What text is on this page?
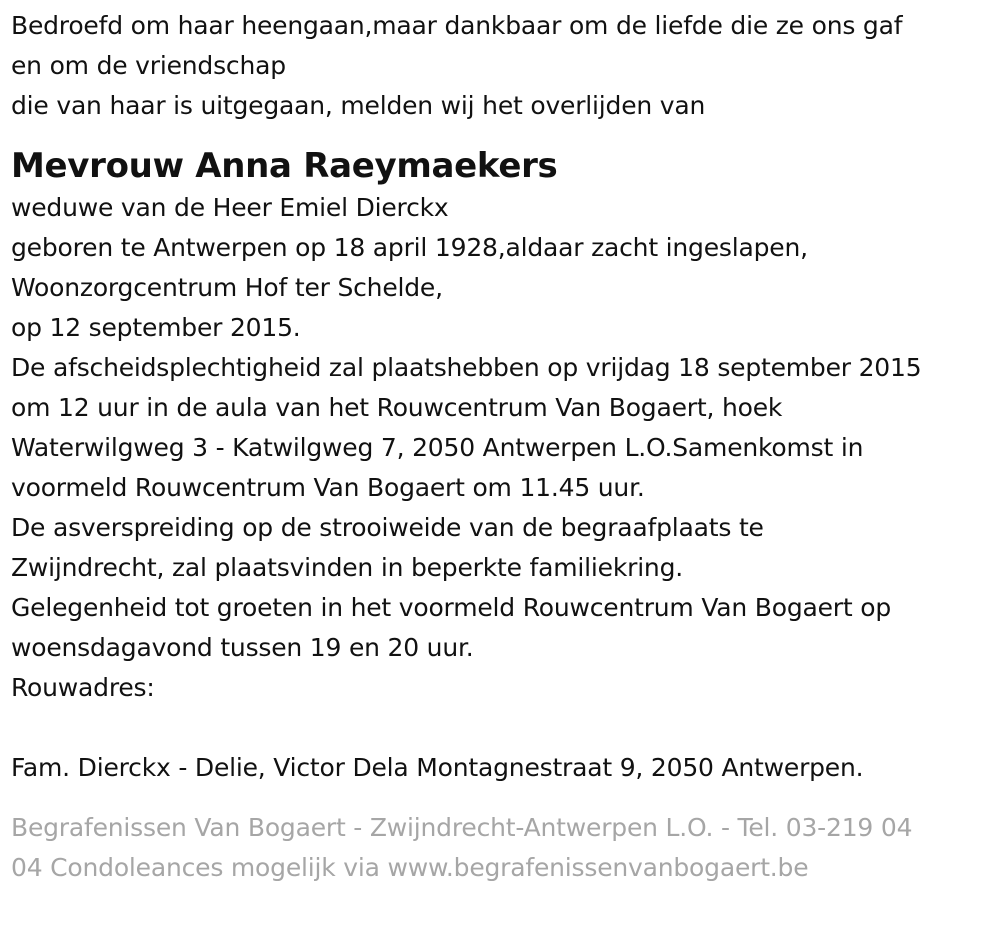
Bedroefd om haar heengaan,maar dankbaar om de liefde die ze ons gaf
en om de vriendschap
die van haar is uitgegaan, melden wij het overlijden van
Mevrouw Anna Raeymaekers
weduwe van de Heer Emiel Dierckx
geboren te Antwerpen op 18 april 1928,aldaar zacht ingeslapen,
Woonzorgcentrum Hof ter Schelde,
op 12 september 2015.
De afscheidsplechtigheid zal plaatshebben op vrijdag 18 september 2015
om 12 uur in de aula van het Rouwcentrum Van Bogaert, hoek
Waterwilgweg 3 - Katwilgweg 7, 2050 Antwerpen L.O.Samenkomst in
voormeld Rouwcentrum Van Bogaert om 11.45 uur.
De asverspreiding op de strooiweide van de begraafplaats te
Zwijndrecht, zal plaatsvinden in beperkte familiekring.
Gelegenheid tot groeten in het voormeld Rouwcentrum Van Bogaert op
woensdagavond tussen 19 en 20 uur.
Rouwadres:
Fam. Dierckx - Delie, Victor Dela Montagnestraat 9, 2050 Antwerpen.
Begrafenissen Van Bogaert - Zwijndrecht-Antwerpen L.O. - Tel. 03-219 04
04 Condoleances mogelijk via www.begrafenissenvanbogaert.be
